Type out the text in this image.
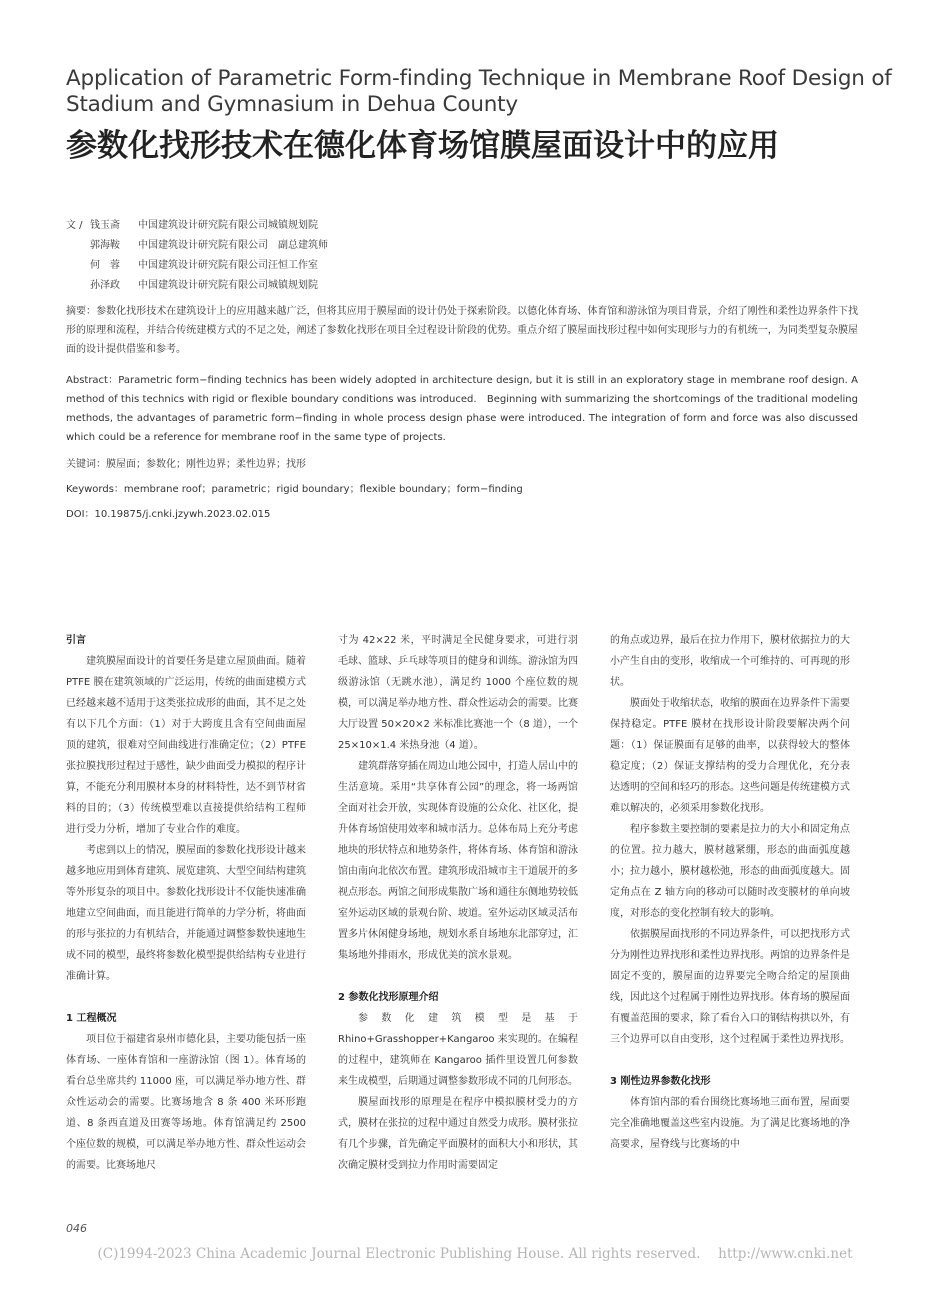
Application of Parametric Form-finding Technique in Membrane Roof Design of Stadium and Gymnasium in Dehua County
参数化找形技术在德化体育场馆膜屋面设计中的应用
文 / 钱玉斋	中国建筑设计研究院有限公司城镇规划院
郭海鞍	中国建筑设计研究院有限公司　副总建筑师
何　蓉	中国建筑设计研究院有限公司汪恒工作室
孙泽政	中国建筑设计研究院有限公司城镇规划院
摘要：参数化找形技术在建筑设计上的应用越来越广泛，但将其应用于膜屋面的设计仍处于探索阶段。以德化体育场、体育馆和游泳馆为项目背景，介绍了刚性和柔性边界条件下找形的原理和流程，并结合传统建模方式的不足之处，阐述了参数化找形在项目全过程设计阶段的优势。重点介绍了膜屋面找形过程中如何实现形与力的有机统一，为同类型复杂膜屋面的设计提供借鉴和参考。
Abstract：Parametric form−finding technics has been widely adopted in architecture design, but it is still in an exploratory stage in membrane roof design. A method of this technics with rigid or flexible boundary conditions was introduced.　Beginning with summarizing the shortcomings of the traditional modeling methods, the advantages of parametric form−finding in whole process design phase were introduced. The integration of form and force was also discussed which could be a reference for membrane roof in the same type of projects.
关键词：膜屋面；参数化；刚性边界；柔性边界；找形
Keywords：membrane roof；parametric；rigid boundary；flexible boundary；form−finding
DOI：10.19875/j.cnki.jzywh.2023.02.015
引言

建筑膜屋面设计的首要任务是建立屋顶曲面。随着 PTFE 膜在建筑领域的广泛运用，传统的曲面建模方式已经越来越不适用于这类张拉成形的曲面，其不足之处有以下几个方面：（1）对于大跨度且含有空间曲面屋顶的建筑，很难对空间曲线进行准确定位；（2）PTFE 张拉膜找形过程过于感性，缺少曲面受力模拟的程序计算，不能充分利用膜材本身的材料特性，达不到节材省料的目的；（3）传统模型难以直接提供给结构工程师进行受力分析，增加了专业合作的难度。

考虑到以上的情况，膜屋面的参数化找形设计越来越多地应用到体育建筑、展览建筑、大型空间结构建筑等外形复杂的项目中。参数化找形设计不仅能快速准确地建立空间曲面，而且能进行简单的力学分析，将曲面的形与张拉的力有机结合，并能通过调整参数快速地生成不同的模型，最终将参数化模型提供给结构专业进行准确计算。

1 工程概况

项目位于福建省泉州市德化县，主要功能包括一座体育场、一座体育馆和一座游泳馆（图 1）。体育场的看台总坐席共约 11000 座，可以满足举办地方性、群众性运动会的需要。比赛场地含 8 条 400 米环形跑道、8 条西直道及田赛等场地。体育馆满足约 2500 个座位数的规模，可以满足举办地方性、群众性运动会的需要。比赛场地尺

寸为 42×22 米，平时满足全民健身要求，可进行羽毛球、篮球、乒乓球等项目的健身和训练。游泳馆为四级游泳馆（无跳水池），满足约 1000 个座位数的规模，可以满足举办地方性、群众性运动会的需要。比赛大厅设置 50×20×2 米标准比赛池一个（8 道），一个 25×10×1.4 米热身池（4 道）。

建筑群落穿插在周边山地公园中，打造人居山中的生活意境。采用“共享体育公园”的理念，将一场两馆全面对社会开放，实现体育设施的公众化、社区化，提升体育场馆使用效率和城市活力。总体布局上充分考虑地块的形状特点和地势条件，将体育场、体育馆和游泳馆由南向北依次布置。建筑形成沿城市主干道展开的多视点形态。两馆之间形成集散广场和通往东侧地势较低室外运动区域的景观台阶、坡道。室外运动区域灵活布置多片休闲健身场地，规划水系自场地东北部穿过，汇集场地外排雨水，形成优美的滨水景观。

2 参数化找形原理介绍

参数化建筑模型是基于 Rhino+Grasshopper+Kangaroo 来实现的。在编程的过程中，建筑师在 Kangaroo 插件里设置几何参数来生成模型，后期通过调整参数形成不同的几何形态。

膜屋面找形的原理是在程序中模拟膜材受力的方式，膜材在张拉的过程中通过自然受力成形。膜材张拉有几个步骤，首先确定平面膜材的面积大小和形状，其次确定膜材受到拉力作用时需要固定

的角点或边界，最后在拉力作用下，膜材依据拉力的大小产生自由的变形，收缩成一个可维持的、可再现的形状。

膜面处于收缩状态，收缩的膜面在边界条件下需要保持稳定。PTFE 膜材在找形设计阶段要解决两个问题：（1）保证膜面有足够的曲率，以获得较大的整体稳定度；（2）保证支撑结构的受力合理优化，充分表达透明的空间和轻巧的形态。这些问题是传统建模方式难以解决的，必须采用参数化找形。

程序参数主要控制的要素是拉力的大小和固定角点的位置。拉力越大，膜材越紧绷，形态的曲面弧度越小；拉力越小，膜材越松弛，形态的曲面弧度越大。固定角点在 Z 轴方向的移动可以随时改变膜材的单向坡度，对形态的变化控制有较大的影响。

依据膜屋面找形的不同边界条件，可以把找形方式分为刚性边界找形和柔性边界找形。两馆的边界条件是固定不变的，膜屋面的边界要完全吻合给定的屋顶曲线，因此这个过程属于刚性边界找形。体育场的膜屋面有覆盖范围的要求，除了看台入口的钢结构拱以外，有三个边界可以自由变形，这个过程属于柔性边界找形。

3 刚性边界参数化找形

体育馆内部的看台围绕比赛场地三面布置，屋面要完全准确地覆盖这些室内设施。为了满足比赛场地的净高要求，屋脊线与比赛场的中

046
(C)1994-2023 China Academic Journal Electronic Publishing House. All rights reserved.　 http://www.cnki.net
